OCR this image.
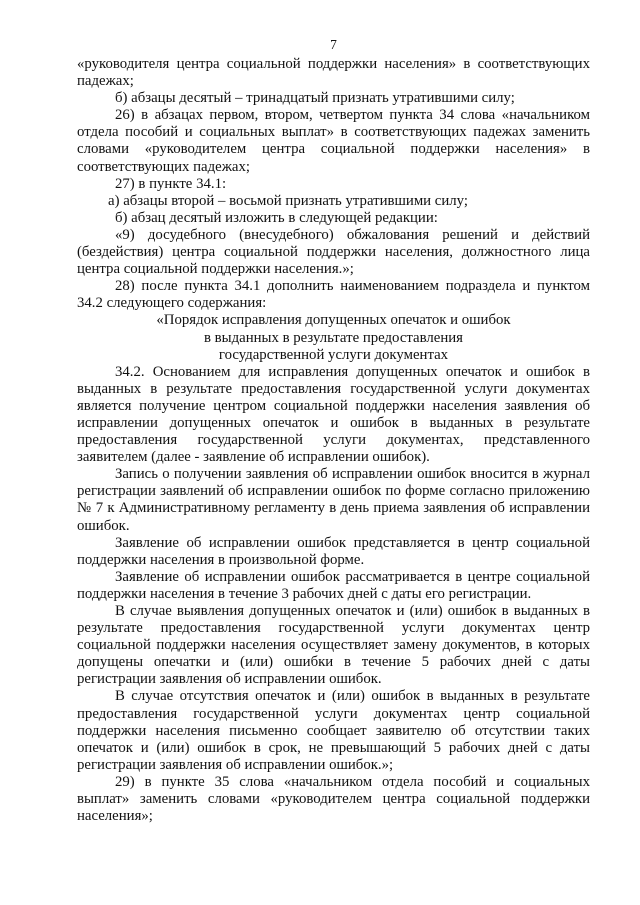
7

«руководителя центра социальной поддержки населения» в соответствующих падежах;

б) абзацы десятый – тринадцатый признать утратившими силу;

26) в абзацах первом, втором, четвертом пункта 34 слова «начальником отдела пособий и социальных выплат» в соответствующих падежах заменить словами «руководителем центра социальной поддержки населения» в соответствующих падежах;

27) в пункте 34.1:

а) абзацы второй – восьмой признать утратившими силу;

б) абзац десятый изложить в следующей редакции:

«9) досудебного (внесудебного) обжалования решений и действий (бездействия) центра социальной поддержки населения, должностного лица центра социальной поддержки населения.»;

28) после пункта 34.1 дополнить наименованием подраздела и пунктом 34.2 следующего содержания:

«Порядок исправления допущенных опечаток и ошибок

в выданных в результате предоставления

государственной услуги документах

34.2. Основанием для исправления допущенных опечаток и ошибок в выданных в результате предоставления государственной услуги документах является получение центром социальной поддержки населения заявления об исправлении допущенных опечаток и ошибок в выданных в результате предоставления государственной услуги документах, представленного заявителем (далее - заявление об исправлении ошибок).

Запись о получении заявления об исправлении ошибок вносится в журнал регистрации заявлений об исправлении ошибок по форме согласно приложению № 7 к Административному регламенту в день приема заявления об исправлении ошибок.

Заявление об исправлении ошибок представляется в центр социальной поддержки населения в произвольной форме.

Заявление об исправлении ошибок рассматривается в центре социальной поддержки населения в течение 3 рабочих дней с даты его регистрации.

В случае выявления допущенных опечаток и (или) ошибок в выданных в результате предоставления государственной услуги документах центр социальной поддержки населения осуществляет замену документов, в которых допущены опечатки и (или) ошибки в течение 5 рабочих дней с даты регистрации заявления об исправлении ошибок.

В случае отсутствия опечаток и (или) ошибок в выданных в результате предоставления государственной услуги документах центр социальной поддержки населения письменно сообщает заявителю об отсутствии таких опечаток и (или) ошибок в срок, не превышающий 5 рабочих дней с даты регистрации заявления об исправлении ошибок.»;

29) в пункте 35 слова «начальником отдела пособий и социальных выплат» заменить словами «руководителем центра социальной поддержки населения»;
